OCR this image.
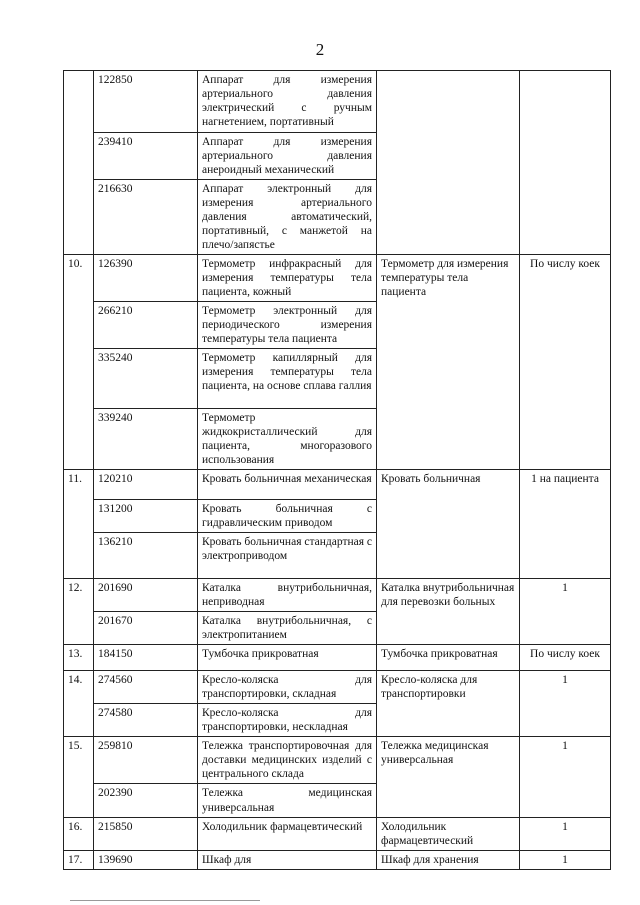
2
	122850	Аппарат для измерения артериального давления электрический с ручным нагнетением, портативный		
	239410	Аппарат для измерения артериального давления анероидный механический		
	216630	Аппарат электронный для измерения артериального давления автоматический, портативный, с манжетой на плечо/запястье		
10.	126390	Термометр инфракрасный для измерения температуры тела пациента, кожный	Термометр для измерения температуры тела пациента	По числу коек
	266210	Термометр электронный для периодического измерения температуры тела пациента		
	335240	Термометр капиллярный для измерения температуры тела пациента, на основе сплава галлия		
	339240	Термометр жидкокристаллический для пациента, многоразового использования		
11.	120210	Кровать больничная механическая	Кровать больничная	1 на пациента
	131200	Кровать больничная с гидравлическим приводом		
	136210	Кровать больничная стандартная с электроприводом		
12.	201690	Каталка внутрибольничная, неприводная	Каталка внутрибольничная для перевозки больных	1
	201670	Каталка внутрибольничная, с электропитанием		
13.	184150	Тумбочка прикроватная	Тумбочка прикроватная	По числу коек
14.	274560	Кресло-коляска для транспортировки, складная	Кресло-коляска для транспортировки	1
	274580	Кресло-коляска для транспортировки, нескладная		
15.	259810	Тележка транспортировочная для доставки медицинских изделий с центрального склада	Тележка медицинская универсальная	1
	202390	Тележка медицинская универсальная		
16.	215850	Холодильник фармацевтический	Холодильник фармацевтический	1
17.	139690	Шкаф для	Шкаф для хранения	1
